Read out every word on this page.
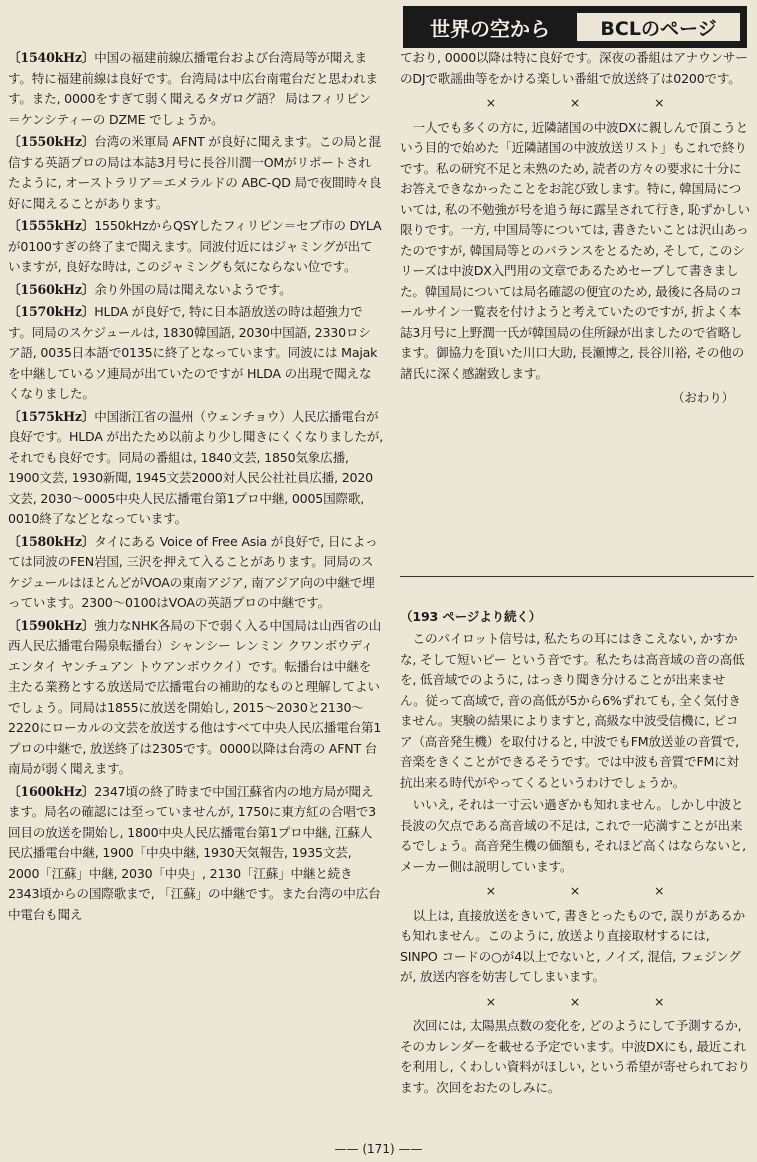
世界の空から	BCLのページ

〔1540kHz〕中国の福建前線広播電台および台湾局等が聞えます。特に福建前線は良好です。台湾局は中広台南電台だと思われます。また, 0000をすぎて弱く聞えるタガログ語？ 局はフィリピン＝ケンシティーの DZME でしょうか。

〔1550kHz〕台湾の米軍局 AFNT が良好に聞えます。この局と混信する英語プロの局は本誌3月号に長谷川潤一OMがリポートされたように, オーストラリア＝エメラルドの ABC-QD 局で夜間時々良好に聞えることがあります。

〔1555kHz〕1550kHzからQSYしたフィリピン＝セブ市の DYLA が0100すぎの終了まで聞えます。同波付近にはジャミングが出ていますが, 良好な時は, このジャミングも気にならない位です。

〔1560kHz〕余り外国の局は聞えないようです。

〔1570kHz〕HLDA が良好で, 特に日本語放送の時は超強力です。同局のスケジュールは, 1830韓国語, 2030中国語, 2330ロシア語, 0035日本語で0135に終了となっています。同波には Majak を中継しているソ連局が出ていたのですが HLDA の出現で聞えなくなりました。

〔1575kHz〕中国浙江省の温州（ウェンチョウ）人民広播電台が良好です。HLDA が出たため以前より少し聞きにくくなりましたが, それでも良好です。同局の番組は, 1840文芸, 1850気象広播, 1900文芸, 1930新聞, 1945文芸2000対人民公社社員広播, 2020文芸, 2030〜0005中央人民広播電台第1プロ中継, 0005国際歌, 0010終了などとなっています。

〔1580kHz〕タイにある Voice of Free Asia が良好で, 日によっては同波のFEN岩国, 三沢を押えて入ることがあります。同局のスケジュールはほとんどがVOAの東南アジア, 南アジア向の中継で埋っています。2300〜0100はVOAの英語プロの中継です。

〔1590kHz〕強力なNHK各局の下で弱く入る中国局は山西省の山西人民広播電台陽泉転播台）シャンシー レンミン クワンボウディエンタイ ヤンチュアン トウアンボウクイ）です。転播台は中継を主たる業務とする放送局で広播電台の補助的なものと理解してよいでしょう。同局は1855に放送を開始し, 2015〜2030と2130〜2220にローカルの文芸を放送する他はすべて中央人民広播電台第1プロの中継で, 放送終了は2305です。0000以降は台湾の AFNT 台南局が弱く聞えます。

〔1600kHz〕2347頃の終了時まで中国江蘇省内の地方局が聞えます。局名の確認には至っていませんが, 1750に東方紅の合唱で3回目の放送を開始し, 1800中央人民広播電台第1プロ中継, 江蘇人民広播電台中継, 1900「中央中継, 1930天気報告, 1935文芸, 2000「江蘇」中継, 2030「中央」, 2130「江蘇」中継と続き2343頃からの国際歌まで, 「江蘇」の中継です。また台湾の中広台中電台も聞え

ており, 0000以降は特に良好です。深夜の番組はアナウンサーのDJで歌謡曲等をかける楽しい番組で放送終了は0200です。

× × ×

一人でも多くの方に, 近隣諸国の中波DXに親しんで頂こうという目的で始めた「近隣諸国の中波放送リスト」もこれで終りです。私の研究不足と未熟のため, 読者の方々の要求に十分にお答えできなかったことをお詫び致します。特に, 韓国局については, 私の不勉強が号を追う毎に露呈されて行き, 恥ずかしい限りです。一方, 中国局等については, 書きたいことは沢山あったのですが, 韓国局等とのバランスをとるため, そして, このシリーズは中波DX入門用の文章であるためセーブして書きました。韓国局については局名確認の便宜のため, 最後に各局のコールサイン一覧表を付けようと考えていたのですが, 折よく本誌3月号に上野潤一氏が韓国局の住所録が出ましたので省略します。御協力を頂いた川口大助, 長瀬博之, 長谷川裕, その他の諸氏に深く感謝致します。

（おわり）

（193 ページより続く）

このパイロット信号は, 私たちの耳にはきこえない, かすかな, そして短いピー という音です。私たちは高音域の音の高低を, 低音域でのように, はっきり聞き分けることが出来ません。従って高域で, 音の高低が5から6%ずれても, 全く気付きません。実験の結果によりますと, 高級な中波受信機に, ピコア（高音発生機）を取付けると, 中波でもFM放送並の音質で, 音楽をきくことができるそうです。では中波も音質でFMに対抗出来る時代がやってくるというわけでしょうか。

いいえ, それは一寸云い過ぎかも知れません。しかし中波と長波の欠点である高音域の不足は, これで一応満すことが出来るでしょう。高音発生機の価額も, それほど高くはならないと, メーカー側は説明しています。

× × ×

以上は, 直接放送をきいて, 書きとったもので, 誤りがあるかも知れません。このように, 放送より直接取材するには, SINPO コードの○が4以上でないと, ノイズ, 混信, フェジングが, 放送内容を妨害してしまいます。

× × ×

次回には, 太陽黒点数の変化を, どのようにして予測するか, そのカレンダーを載せる予定でいます。中波DXにも, 最近これを利用し, くわしい資料がほしい, という希望が寄せられております。次回をおたのしみに。

—— (171) ——
